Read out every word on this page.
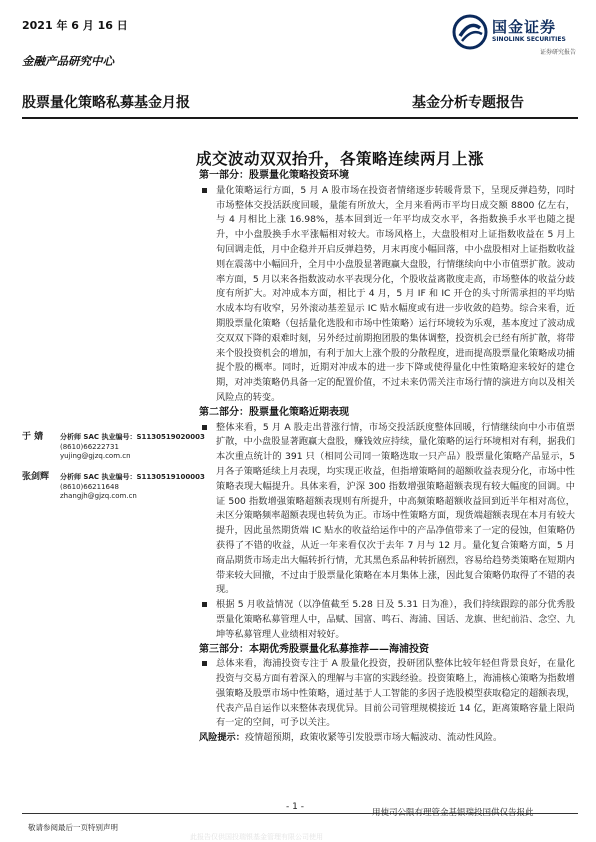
2021 年 6 月 16 日
金融产品研究中心
国金证券
SINOLINK SECURITIES
证券研究报告
股票量化策略私募基金月报	基金分析专题报告
成交波动双双抬升，各策略连续两月上涨

第一部分：股票量化策略投资环境

量化策略运行方面，5 月 A 股市场在投资者情绪逐步转暖背景下，呈现反弹趋势，同时市场整体交投活跃度回暖，量能有所放大，全月来看两市平均日成交额 8800 亿左右，与 4 月相比上涨 16.98%，基本回到近一年平均成交水平，各指数换手水平也随之提升，中小盘股换手水平涨幅相对较大。市场风格上，大盘股相对上证指数收益在 5 月上旬回调走低，月中企稳并开启反弹趋势，月末再度小幅回落，中小盘股相对上证指数收益则在震荡中小幅回升，全月中小盘股显著跑赢大盘股，行情继续向中小市值票扩散。波动率方面，5 月以来各指数波动水平表现分化，个股收益离散度走高，市场整体的收益分歧度有所扩大。对冲成本方面，相比于 4 月，5 月 IF 和 IC 开仓的头寸所需承担的平均贴水成本均有收窄，另外滚动基差显示 IC 贴水幅度或有进一步收敛的趋势。综合来看，近期股票量化策略（包括量化选股和市场中性策略）运行环境较为乐观，基本度过了波动成交双双下降的艰难时刻，另外经过前期抱团股的集体调整，投资机会已经有所扩散，将带来个股投资机会的增加，有利于加大上涨个股的分散程度，进而提高股票量化策略成功捕捉个股的概率。同时，近期对冲成本的进一步下降或使得量化中性策略迎来较好的建仓期，对冲类策略仍具备一定的配置价值，不过未来仍需关注市场行情的演进方向以及相关风险点的转变。

第二部分：股票量化策略近期表现

整体来看，5 月 A 股走出普涨行情，市场交投活跃度整体回暖，行情继续向中小市值票扩散，中小盘股显著跑赢大盘股，赚钱效应持续，量化策略的运行环境相对有利，据我们本次重点统计的 391 只（相同公司同一策略选取一只产品）股票量化策略产品显示，5 月各子策略延续上月表现，均实现正收益，但指增策略间的超额收益表现分化，市场中性策略表现大幅提升。具体来看，沪深 300 指数增强策略超额表现有较大幅度的回调。中证 500 指数增强策略超额表现则有所提升，中高频策略超额收益回到近半年相对高位，未区分策略频率超额表现也转负为正。市场中性策略方面，现货端超额表现在本月有较大提升，因此虽然期货端 IC 贴水的收益给运作中的产品净值带来了一定的侵蚀，但策略仍获得了不错的收益，从近一年来看仅次于去年 7 月与 12 月。量化复合策略方面，5 月商品期货市场走出大幅转折行情，尤其黑色系品种转折剧烈，容易给趋势类策略在短期内带来较大回撤，不过由于股票量化策略在本月集体上涨，因此复合策略仍取得了不错的表现。

根据 5 月收益情况（以净值截至 5.28 日及 5.31 日为准），我们持续跟踪的部分优秀股票量化策略私募管理人中，品赋、国富、鸣石、海浦、国话、龙旗、世纪前沿、念空、九坤等私募管理人业绩相对较好。

第三部分：本期优秀股票量化私募推荐——海浦投资

总体来看，海浦投资专注于 A 股量化投资，投研团队整体比较年轻但背景良好，在量化投资与交易方面有着深入的理解与丰富的实践经验。投资策略上，海浦核心策略为指数增强策略及股票市场中性策略，通过基于人工智能的多因子选股模型获取稳定的超额表现，代表产品自运作以来整体表现优异。目前公司管理规模接近 14 亿，距离策略容量上限尚有一定的空间，可予以关注。

风险提示：疫情超预期，政策收紧等引发股票市场大幅波动、流动性风险。

于 婧 分析师 SAC 执业编号：S1130519020003
(8610)66222731
yujing@gjzq.com.cn
张剑辉 分析师 SAC 执业编号：S1130519100003
(8610)66211648
zhangjh@gjzq.com.cn
- 1 -
用使司公限有理管金基银瑞投国供仅告报此
敬请参阅最后一页特别声明
此报告仅供国投瑞银基金管理有限公司使用
